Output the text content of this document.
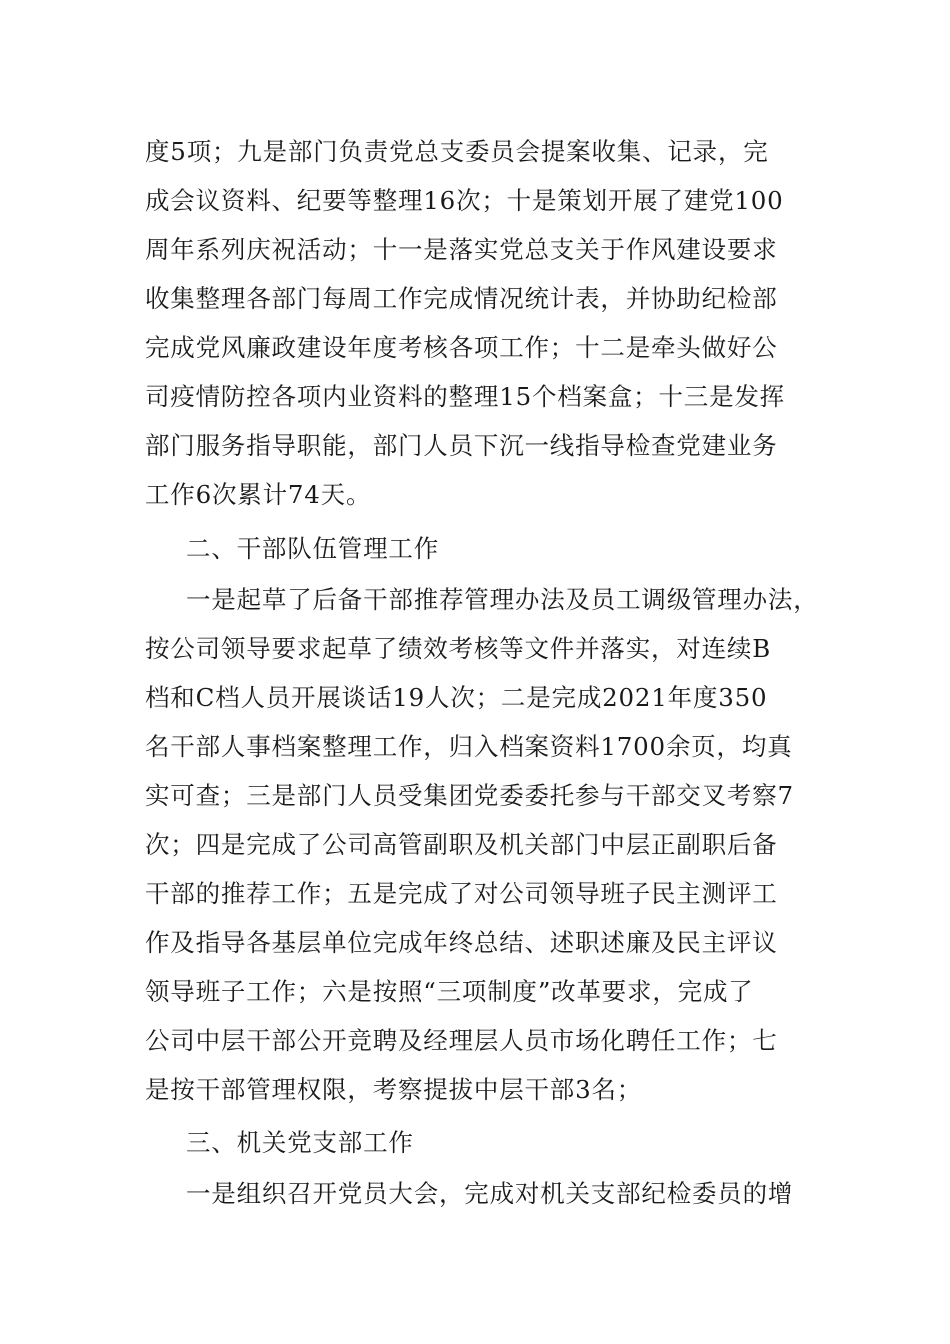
度5项；九是部门负责党总支委员会提案收集、记录，完
成会议资料、纪要等整理16次；十是策划开展了建党100
周年系列庆祝活动；十一是落实党总支关于作风建设要求
收集整理各部门每周工作完成情况统计表，并协助纪检部
完成党风廉政建设年度考核各项工作；十二是牵头做好公
司疫情防控各项内业资料的整理15个档案盒；十三是发挥
部门服务指导职能，部门人员下沉一线指导检查党建业务
工作6次累计74天。
二、干部队伍管理工作
一是起草了后备干部推荐管理办法及员工调级管理办法，
按公司领导要求起草了绩效考核等文件并落实，对连续B
档和C档人员开展谈话19人次；二是完成2021年度350
名干部人事档案整理工作，归入档案资料1700余页，均真
实可查；三是部门人员受集团党委委托参与干部交叉考察7
次；四是完成了公司高管副职及机关部门中层正副职后备
干部的推荐工作；五是完成了对公司领导班子民主测评工
作及指导各基层单位完成年终总结、述职述廉及民主评议
领导班子工作；六是按照“三项制度”改革要求，完成了
公司中层干部公开竞聘及经理层人员市场化聘任工作；七
是按干部管理权限，考察提拔中层干部3名；
三、机关党支部工作
一是组织召开党员大会，完成对机关支部纪检委员的增
